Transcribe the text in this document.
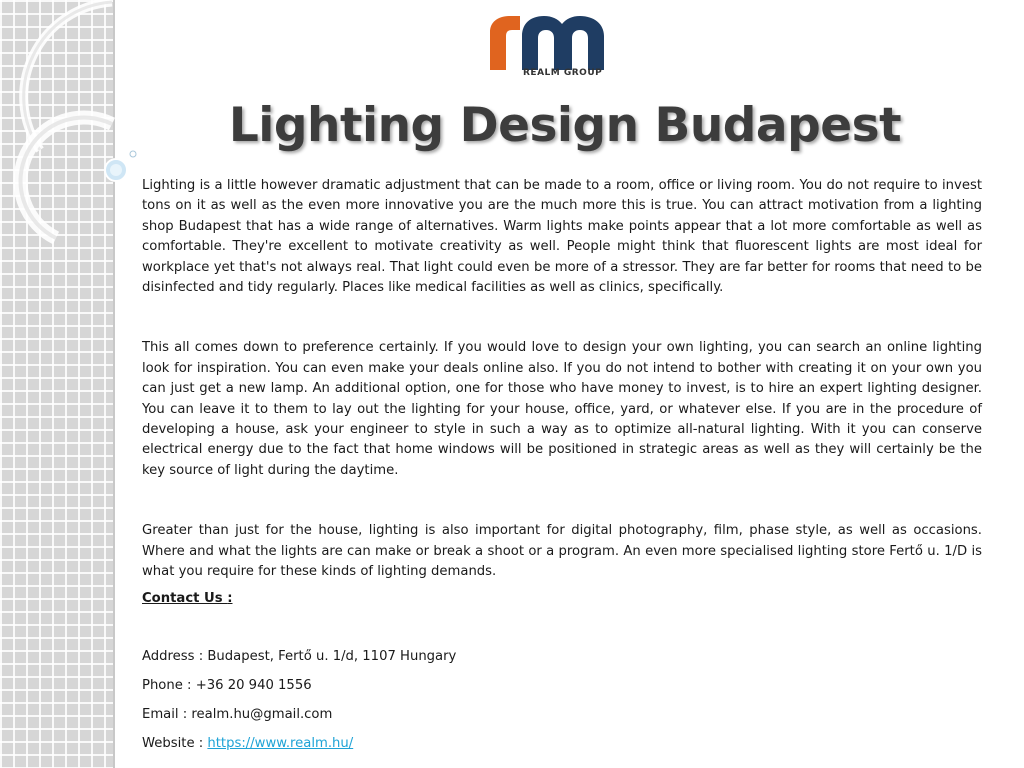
REALM GROUP
Lighting Design Budapest

Lighting is a little however dramatic adjustment that can be made to a room, office or living room. You do not require to invest tons on it as well as the even more innovative you are the much more this is true. You can attract motivation from a lighting shop Budapest that has a wide range of alternatives. Warm lights make points appear that a lot more comfortable as well as comfortable. They're excellent to motivate creativity as well. People might think that fluorescent lights are most ideal for workplace yet that's not always real. That light could even be more of a stressor. They are far better for rooms that need to be disinfected and tidy regularly. Places like medical facilities as well as clinics, specifically.

This all comes down to preference certainly. If you would love to design your own lighting, you can search an online lighting look for inspiration. You can even make your deals online also. If you do not intend to bother with creating it on your own you can just get a new lamp. An additional option, one for those who have money to invest, is to hire an expert lighting designer. You can leave it to them to lay out the lighting for your house, office, yard, or whatever else. If you are in the procedure of developing a house, ask your engineer to style in such a way as to optimize all-natural lighting. With it you can conserve electrical energy due to the fact that home windows will be positioned in strategic areas as well as they will certainly be the key source of light during the daytime.

Greater than just for the house, lighting is also important for digital photography, film, phase style, as well as occasions. Where and what the lights are can make or break a shoot or a program. An even more specialised lighting store Fertő u. 1/D is what you require for these kinds of lighting demands.

Contact Us :

Address : Budapest, Fertő u. 1/d, 1107 Hungary

Phone : +36 20 940 1556

Email : realm.hu@gmail.com

Website : https://www.realm.hu/
